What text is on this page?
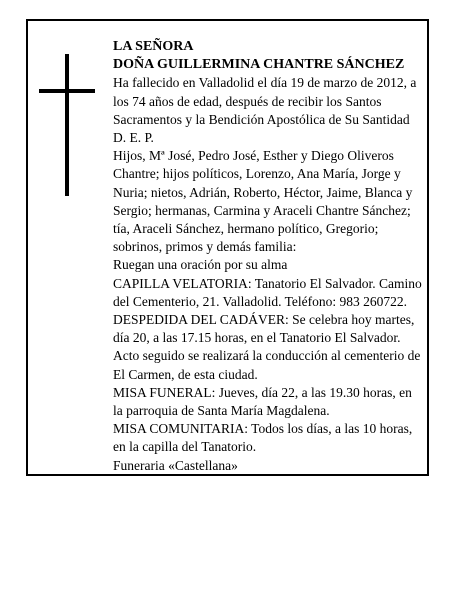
LA SEÑORA

DOÑA GUILLERMINA CHANTRE SÁNCHEZ

Ha fallecido en Valladolid el día 19 de marzo de 2012, a los 74 años de edad, después de recibir los Santos Sacramentos y la Bendición Apostólica de Su Santidad D. E. P.

Hijos, Mª José, Pedro José, Esther y Diego Oliveros Chantre; hijos políticos, Lorenzo, Ana María, Jorge y Nuria; nietos, Adrián, Roberto, Héctor, Jaime, Blanca y Sergio; hermanas, Carmina y Araceli Chantre Sánchez; tía, Araceli Sánchez, hermano político, Gregorio; sobrinos, primos y demás familia:

Ruegan una oración por su alma

CAPILLA VELATORIA: Tanatorio El Salvador. Camino del Cementerio, 21. Valladolid. Teléfono: 983 260722.

DESPEDIDA DEL CADÁVER: Se celebra hoy martes, día 20, a las 17.15 horas, en el Tanatorio El Salvador. Acto seguido se realizará la conducción al cementerio de El Carmen, de esta ciudad.

MISA FUNERAL: Jueves, día 22, a las 19.30 horas, en la parroquia de Santa María Magdalena.

MISA COMUNITARIA: Todos los días, a las 10 horas, en la capilla del Tanatorio.

Funeraria «Castellana»
